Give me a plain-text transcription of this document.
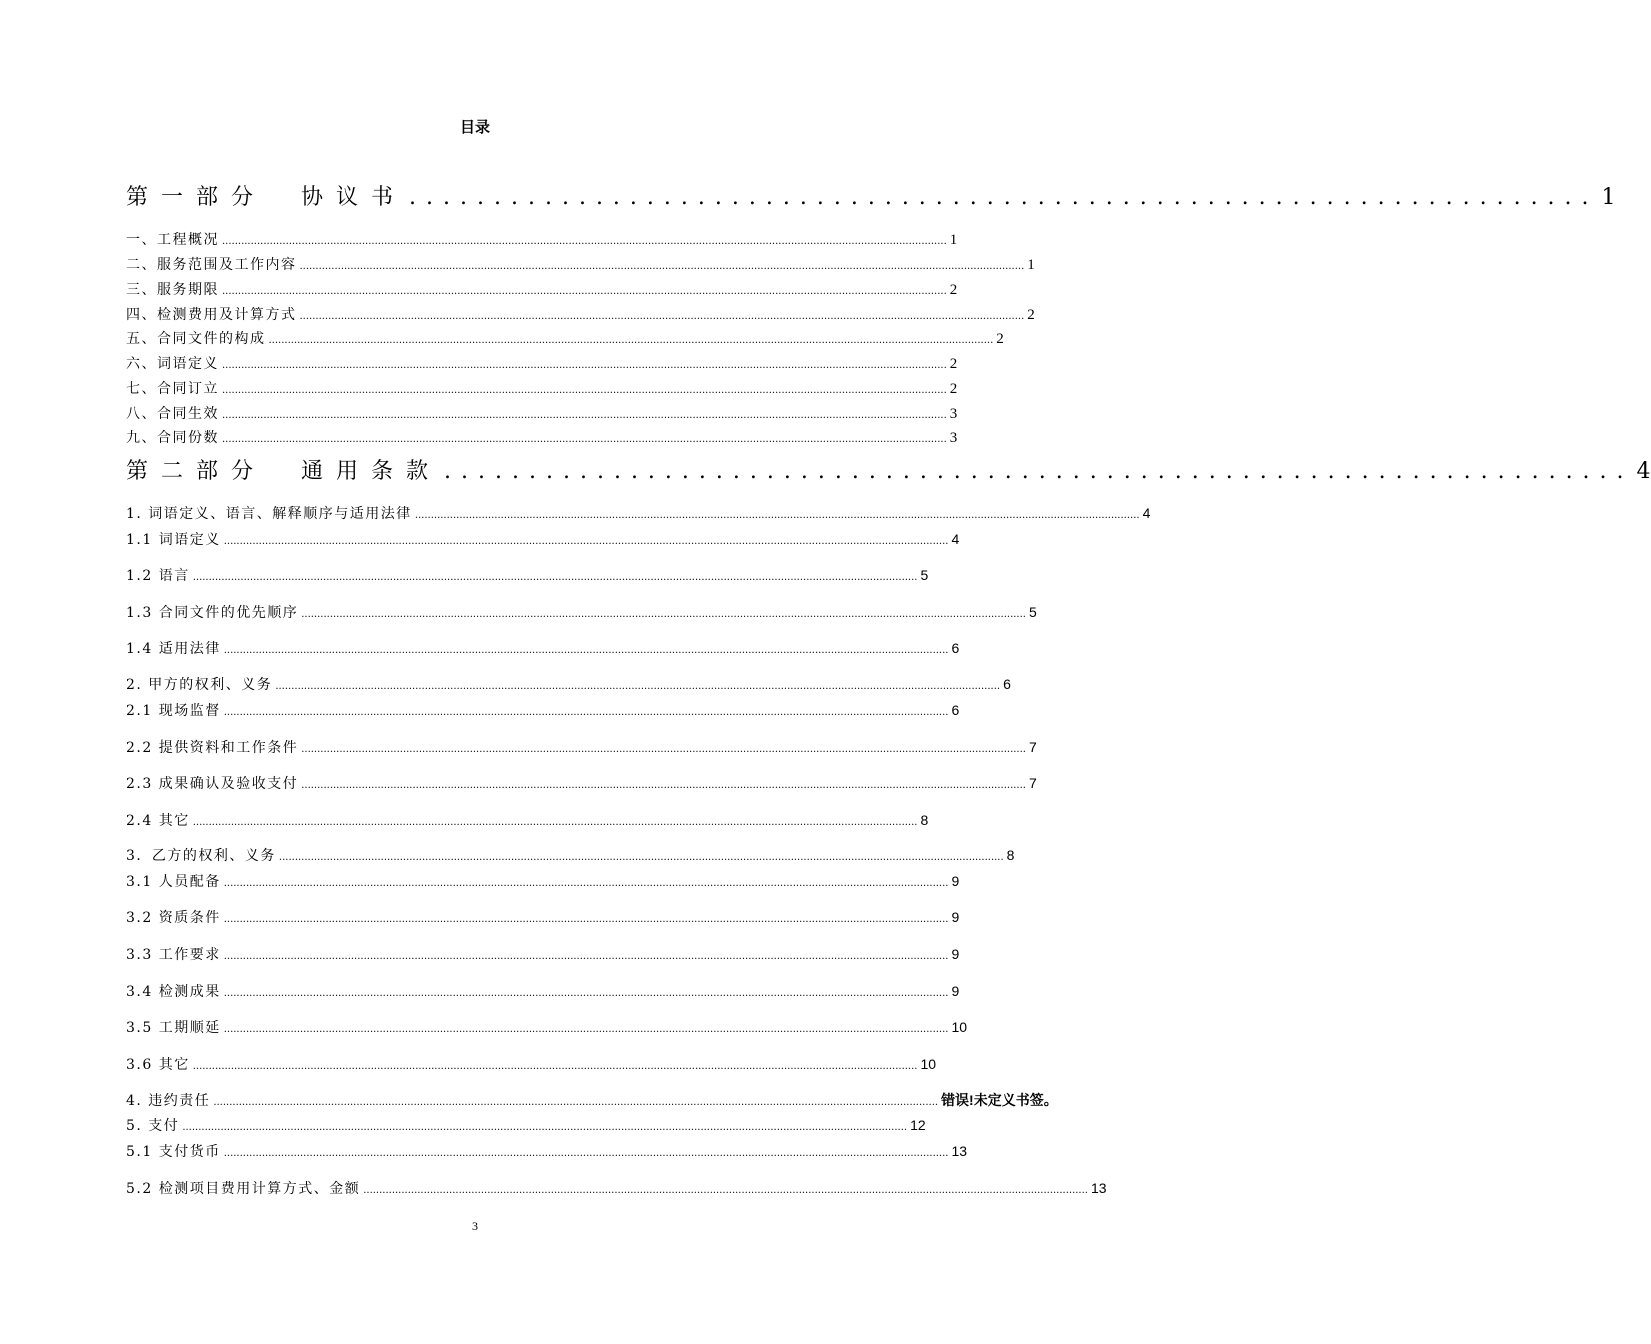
目录
第一部分　协议书 ...................................................................... 1
一、工程概况 .................................................................................................................................................................................................................................... 1
二、服务范围及工作内容 .................................................................................................................................................................................................................................... 1
三、服务期限 .................................................................................................................................................................................................................................... 2
四、检测费用及计算方式 .................................................................................................................................................................................................................................... 2
五、合同文件的构成 .................................................................................................................................................................................................................................... 2
六、词语定义 .................................................................................................................................................................................................................................... 2
七、合同订立 .................................................................................................................................................................................................................................... 2
八、合同生效 .................................................................................................................................................................................................................................... 3
九、合同份数 .................................................................................................................................................................................................................................... 3
第二部分　通用条款 ...................................................................... 4
1. 词语定义、语言、解释顺序与适用法律 .................................................................................................................................................................................................................................... 4
1.1 词语定义 .................................................................................................................................................................................................................................... 4
1.2 语言 .................................................................................................................................................................................................................................... 5
1.3 合同文件的优先顺序 .................................................................................................................................................................................................................................... 5
1.4 适用法律 .................................................................................................................................................................................................................................... 6
2. 甲方的权利、义务 .................................................................................................................................................................................................................................... 6
2.1 现场监督 .................................................................................................................................................................................................................................... 6
2.2 提供资料和工作条件 .................................................................................................................................................................................................................................... 7
2.3 成果确认及验收支付 .................................................................................................................................................................................................................................... 7
2.4 其它 .................................................................................................................................................................................................................................... 8
3．乙方的权利、义务 .................................................................................................................................................................................................................................... 8
3.1 人员配备 .................................................................................................................................................................................................................................... 9
3.2 资质条件 .................................................................................................................................................................................................................................... 9
3.3 工作要求 .................................................................................................................................................................................................................................... 9
3.4 检测成果 .................................................................................................................................................................................................................................... 9
3.5 工期顺延 .................................................................................................................................................................................................................................... 10
3.6 其它 .................................................................................................................................................................................................................................... 10
4. 违约责任 .................................................................................................................................................................................................................................... 错误!未定义书签。
5. 支付 .................................................................................................................................................................................................................................... 12
5.1 支付货币 .................................................................................................................................................................................................................................... 13
5.2 检测项目费用计算方式、金额 .................................................................................................................................................................................................................................... 13
3
